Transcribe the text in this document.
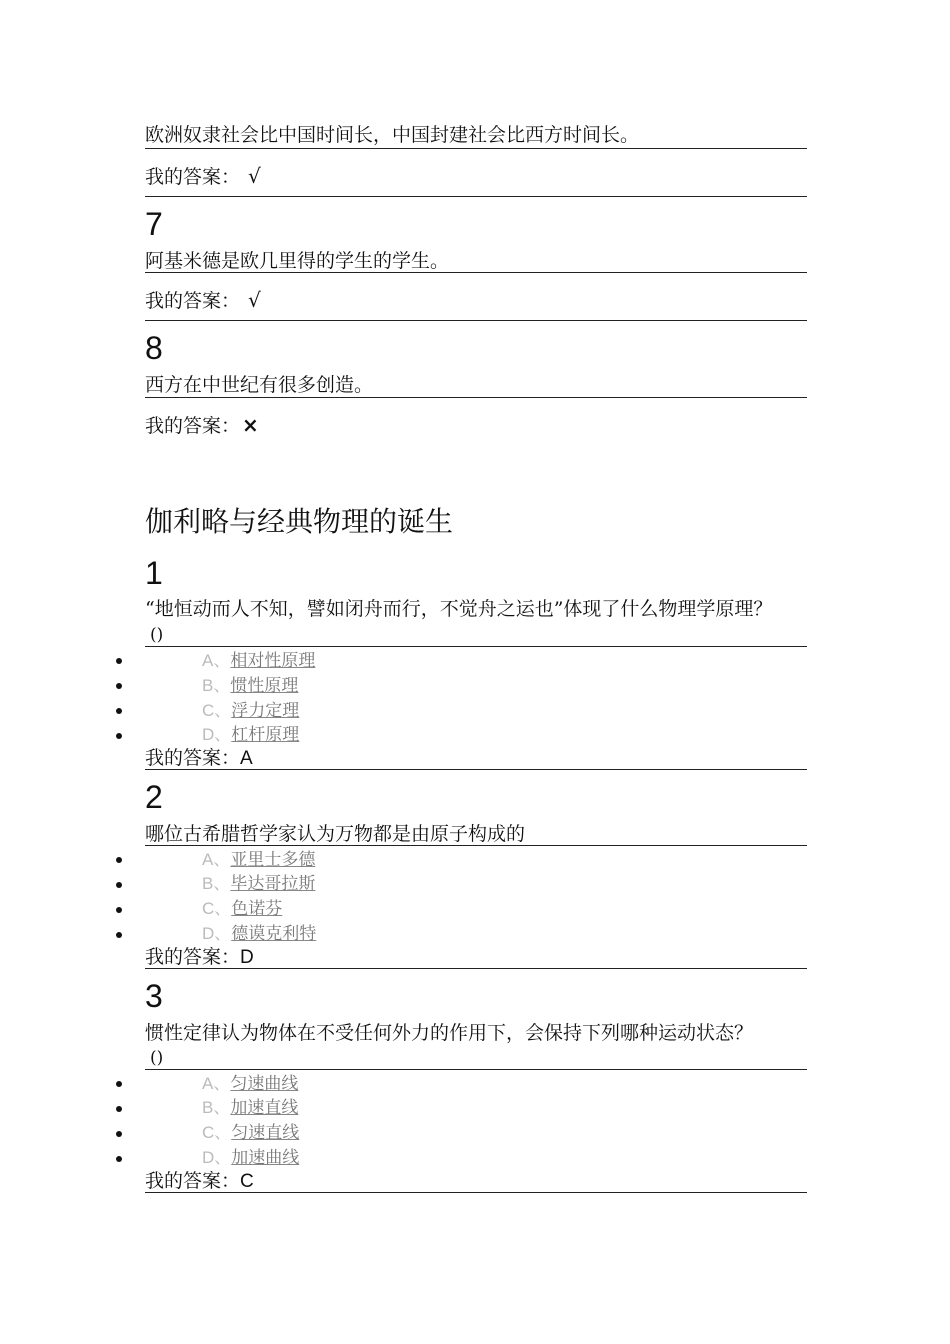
欧洲奴隶社会比中国时间长，中国封建社会比西方时间长。
我的答案： √
7
阿基米德是欧几里得的学生的学生。
我的答案： √
8
西方在中世纪有很多创造。
我的答案： ×
伽利略与经典物理的诞生
1
“地恒动而人不知，譬如闭舟而行，不觉舟之运也”体现了什么物理学原理？
()
A、相对性原理
B、惯性原理
C、浮力定理
D、杠杆原理
我的答案：A
2
哪位古希腊哲学家认为万物都是由原子构成的
A、亚里士多德
B、毕达哥拉斯
C、色诺芬
D、德谟克利特
我的答案：D
3
惯性定律认为物体在不受任何外力的作用下，会保持下列哪种运动状态？
()
A、匀速曲线
B、加速直线
C、匀速直线
D、加速曲线
我的答案：C
